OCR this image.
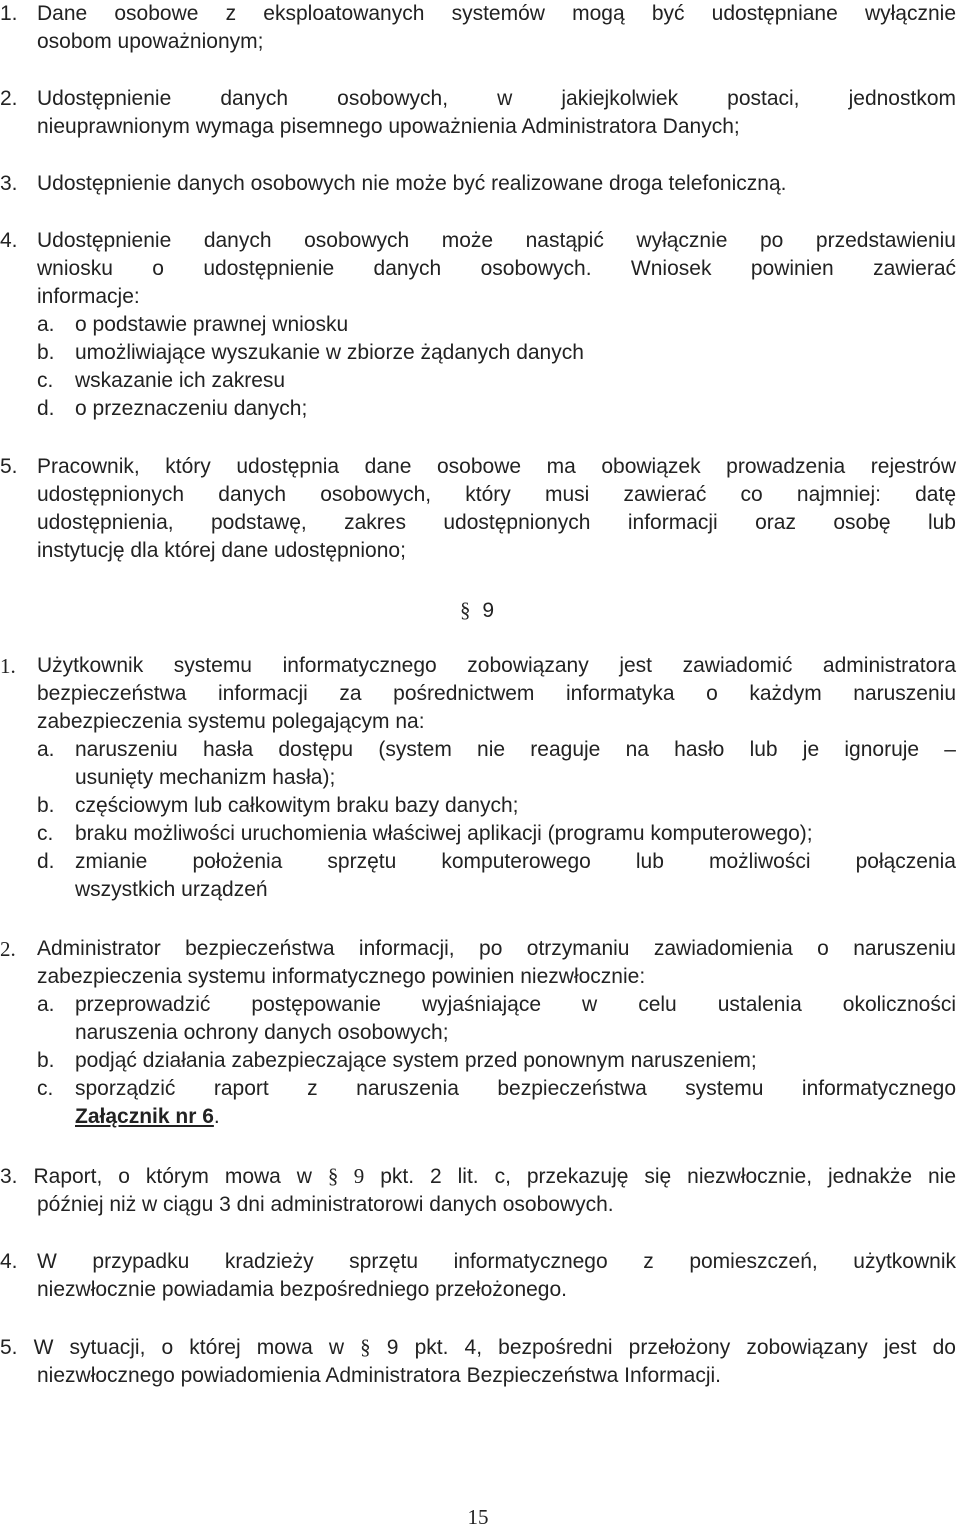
1. Dane osobowe z eksploatowanych systemów mogą być udostępniane wyłącznie
osobom upoważnionym;
2. Udostępnienie danych osobowych, w jakiejkolwiek postaci, jednostkom
nieuprawnionym wymaga pisemnego upoważnienia Administratora Danych;
3. Udostępnienie danych osobowych nie może być realizowane droga telefoniczną.
4. Udostępnienie danych osobowych może nastąpić wyłącznie po przedstawieniu
wniosku o udostępnienie danych osobowych. Wniosek powinien zawierać
informacje:
a. o podstawie prawnej wniosku
b. umożliwiające wyszukanie w zbiorze żądanych danych
c. wskazanie ich zakresu
d. o przeznaczeniu danych;
5. Pracownik, który udostępnia dane osobowe ma obowiązek prowadzenia rejestrów
udostępnionych danych osobowych, który musi zawierać co najmniej: datę
udostępnienia, podstawę, zakres udostępnionych informacji oraz osobę lub
instytucję dla której dane udostępniono;
§ 9
1.	Użytkownik systemu informatycznego zobowiązany jest zawiadomić administratora
bezpieczeństwa informacji za pośrednictwem informatyka o każdym naruszeniu
zabezpieczenia systemu polegającym na:
a. naruszeniu hasła dostępu (system nie reaguje na hasło lub je ignoruje –
usunięty mechanizm hasła);
b. częściowym lub całkowitym braku bazy danych;
c. braku możliwości uruchomienia właściwej aplikacji (programu komputerowego);
d. zmianie położenia sprzętu komputerowego lub możliwości połączenia
wszystkich urządzeń
2.	Administrator bezpieczeństwa informacji, po otrzymaniu zawiadomienia o naruszeniu
zabezpieczenia systemu informatycznego powinien niezwłocznie:
a. przeprowadzić postępowanie wyjaśniające w celu ustalenia okoliczności
naruszenia ochrony danych osobowych;
b. podjąć działania zabezpieczające system przed ponownym naruszeniem;
c. sporządzić raport z naruszenia bezpieczeństwa systemu informatycznego
Załącznik nr 6.
3. Raport, o którym mowa w § 9 pkt. 2 lit. c, przekazuję się niezwłocznie, jednakże nie
później niż w ciągu 3 dni administratorowi danych osobowych.
4. W przypadku kradzieży sprzętu informatycznego z pomieszczeń, użytkownik
niezwłocznie powiadamia bezpośredniego przełożonego.
5. W sytuacji, o której mowa w § 9 pkt. 4, bezpośredni przełożony zobowiązany jest do
niezwłocznego powiadomienia Administratora Bezpieczeństwa Informacji.
15
